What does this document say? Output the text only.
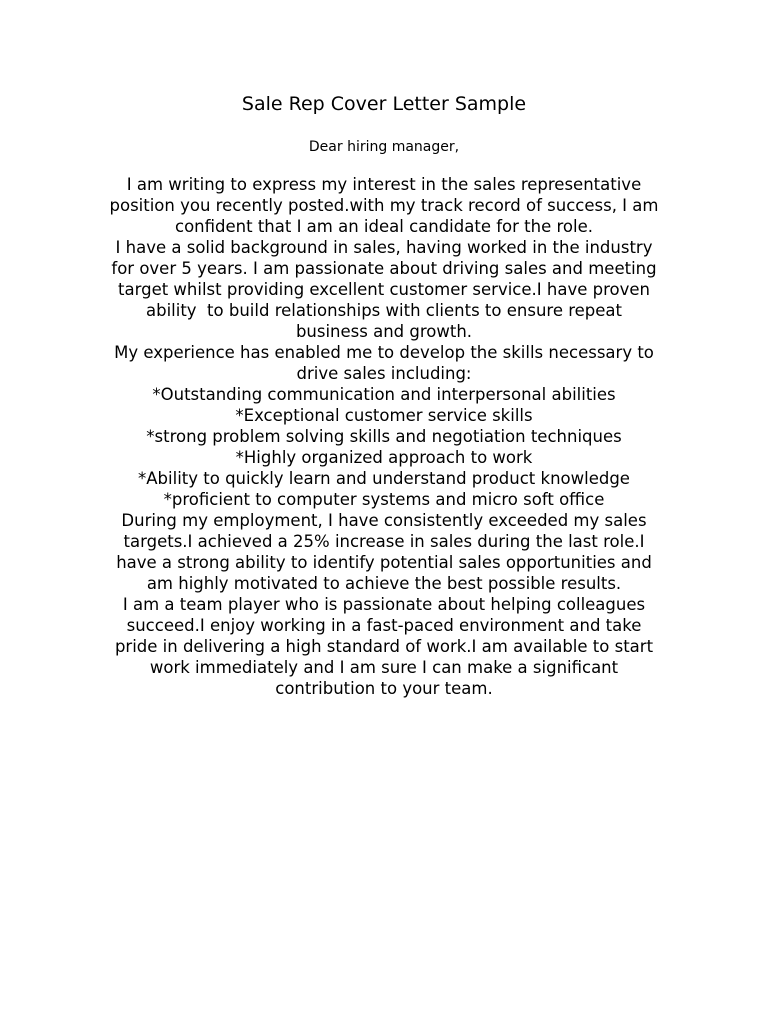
Sale Rep Cover Letter Sample

Dear hiring manager,

I am writing to express my interest in the sales representative
position you recently posted.with my track record of success, I am
confident that I am an ideal candidate for the role.
I have a solid background in sales, having worked in the industry
for over 5 years. I am passionate about driving sales and meeting
target whilst providing excellent customer service.I have proven
ability  to build relationships with clients to ensure repeat
business and growth.
My experience has enabled me to develop the skills necessary to
drive sales including:
*Outstanding communication and interpersonal abilities
*Exceptional customer service skills
*strong problem solving skills and negotiation techniques
*Highly organized approach to work
*Ability to quickly learn and understand product knowledge
*proficient to computer systems and micro soft office
During my employment, I have consistently exceeded my sales
targets.I achieved a 25% increase in sales during the last role.I
have a strong ability to identify potential sales opportunities and
am highly motivated to achieve the best possible results.
I am a team player who is passionate about helping colleagues
succeed.I enjoy working in a fast-paced environment and take
pride in delivering a high standard of work.I am available to start
work immediately and I am sure I can make a significant
contribution to your team.
